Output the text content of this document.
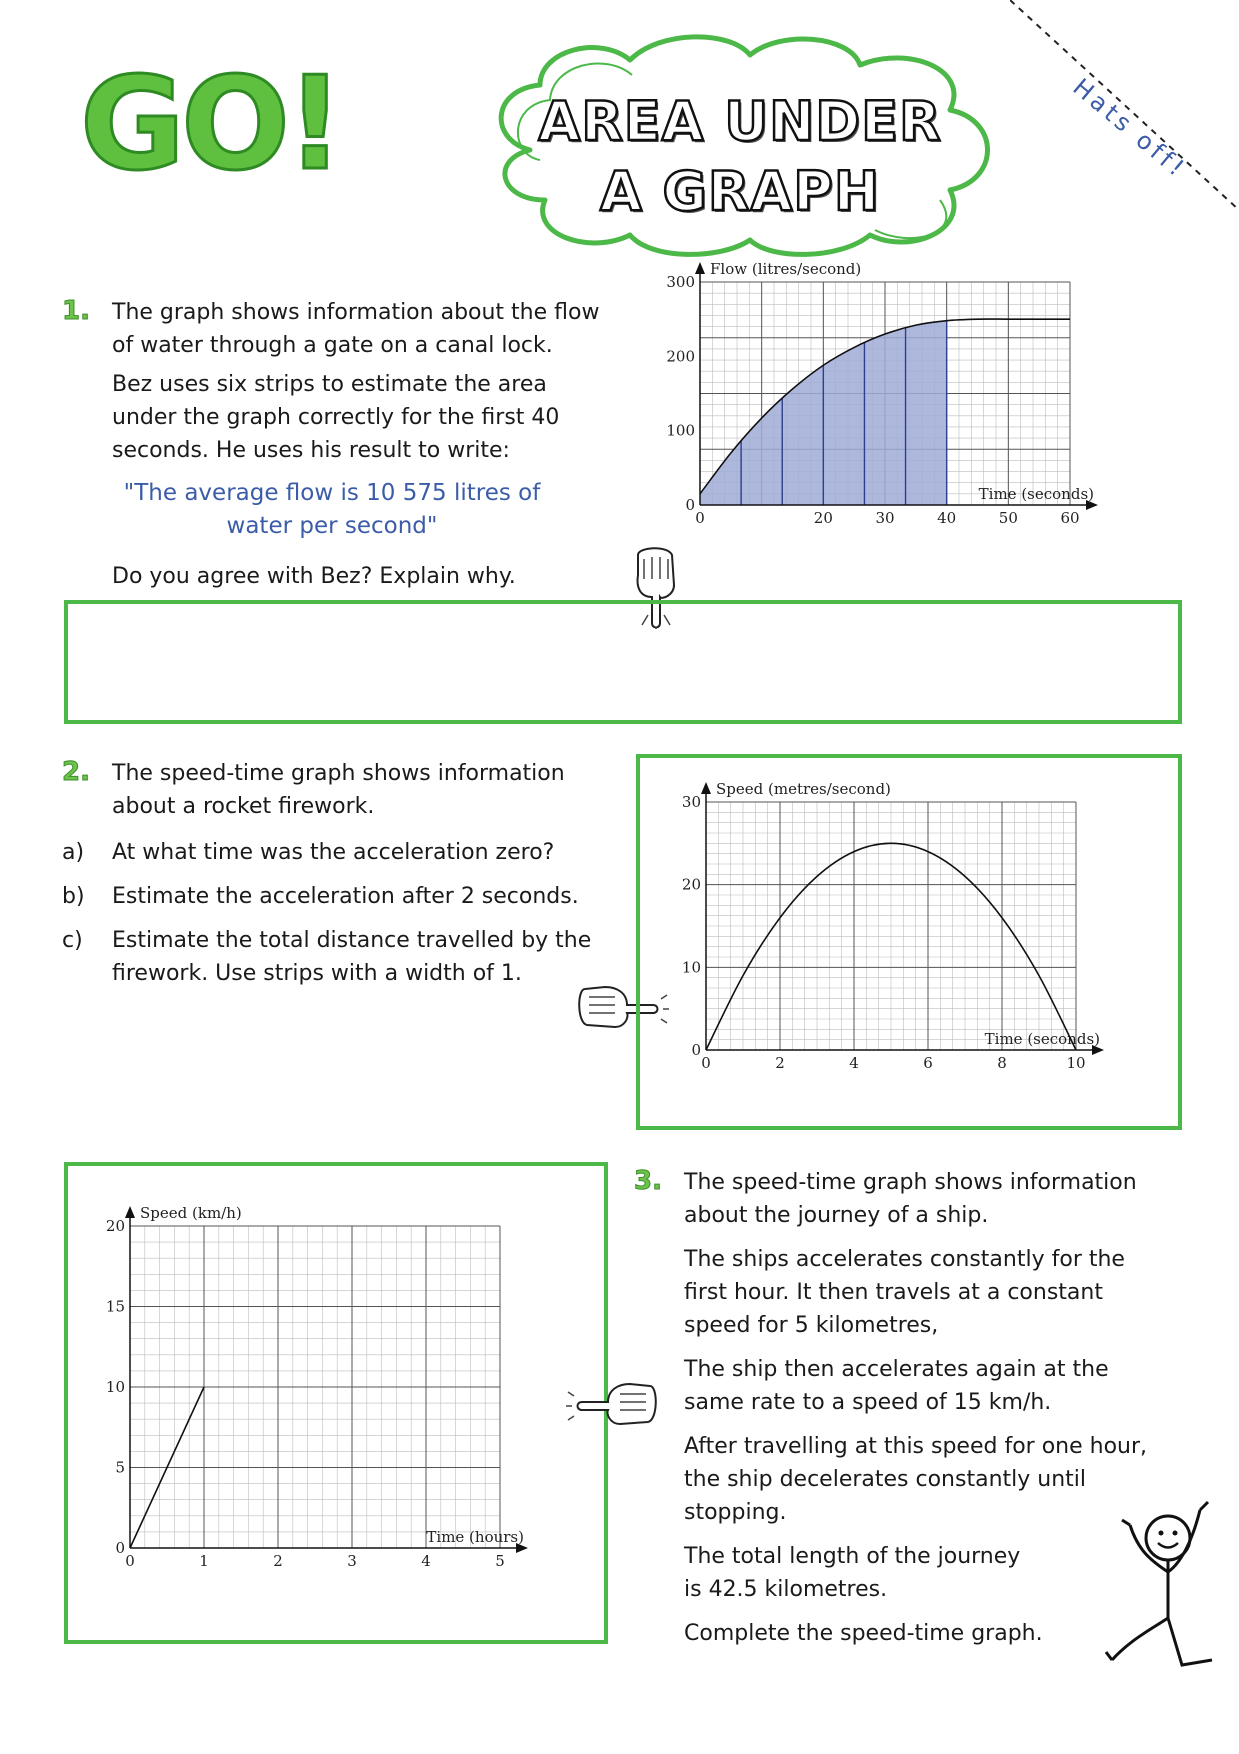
GO!	AREA UNDER
A GRAPH
Hats off!
1. The graph shows information about the flow
of water through a gate on a canal lock.
Bez uses six strips to estimate the area
under the graph correctly for the first 40
seconds. He uses his result to write:
"The average flow is 10 575 litres of
water per second"
Do you agree with Bez? Explain why.
0	20	30	40	50	60
0
100
200
300
Flow (litres/second)
Time (seconds)
2. The speed-time graph shows information
about a rocket firework.
a)	At what time was the acceleration zero?
b)	Estimate the acceleration after 2 seconds.
c)	Estimate the total distance travelled by the
firework. Use strips with a width of 1.
0	2	4	6	8	10
0
10
20
30
Speed (metres/second)
Time (seconds)
0	1	2	3	4	5
0
5
10
15
20
Speed (km/h)
Time (hours)
3. The speed-time graph shows information
about the journey of a ship.
The ships accelerates constantly for the
first hour. It then travels at a constant
speed for 5 kilometres,
The ship then accelerates again at the
same rate to a speed of 15 km/h.
After travelling at this speed for one hour,
the ship decelerates constantly until
stopping.
The total length of the journey
is 42.5 kilometres.
Complete the speed-time graph.
